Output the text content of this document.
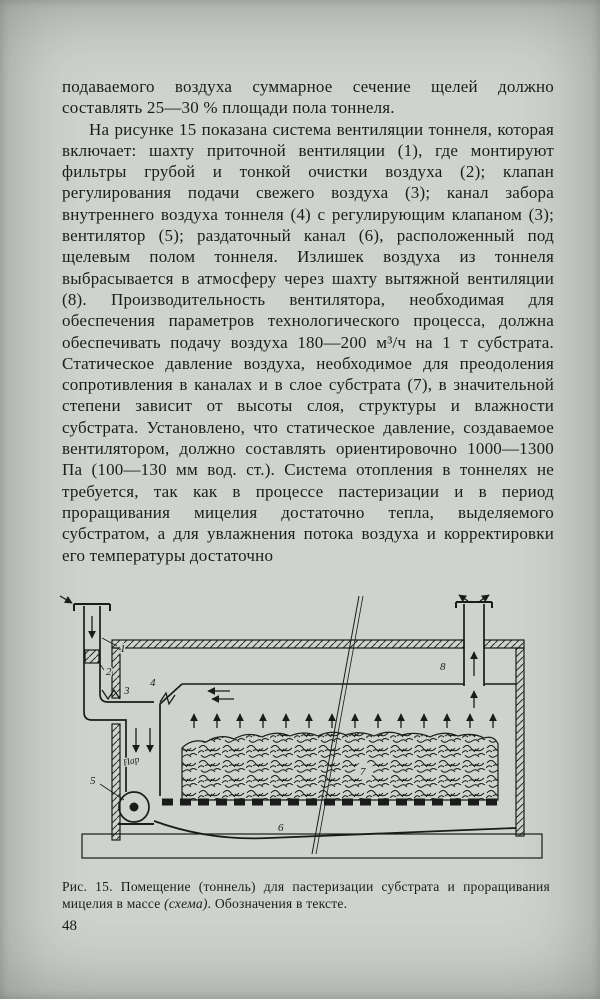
подаваемого воздуха суммарное сечение щелей должно составлять 25—30 % площади пола тоннеля.

На рисунке 15 показана система вентиляции тоннеля, которая включает: шахту приточной вентиляции (1), где монтируют фильтры грубой и тонкой очистки воздуха (2); клапан регулирования подачи свежего воздуха (3); канал забора внутреннего воздуха тоннеля (4) с регулирующим клапаном (3); вентилятор (5); раздаточный канал (6), расположенный под щелевым полом тоннеля. Излишек воздуха из тоннеля выбрасывается в атмосферу через шахту вытяжной вентиляции (8). Производительность вентилятора, необходимая для обеспечения параметров технологического процесса, должна обеспечивать подачу воздуха 180—200 м³/ч на 1 т субстрата. Статическое давление воздуха, необходимое для преодоления сопротивления в каналах и в слое субстрата (7), в значительной степени зависит от высоты слоя, структуры и влажности субстрата. Установлено, что статическое давление, создаваемое вентилятором, должно составлять ориентировочно 1000—1300 Па (100—130 мм вод. ст.). Система отопления в тоннелях не требуется, так как в процессе пастеризации и в период проращивания мицелия достаточно тепла, выделяемого субстратом, а для увлажнения потока воздуха и корректировки его температуры достаточно

1
2
3
4
5
6
7
8
Пар
Рис. 15. Помещение (тоннель) для пастеризации субстрата и проращивания мицелия в массе (схема). Обозначения в тексте.
48
